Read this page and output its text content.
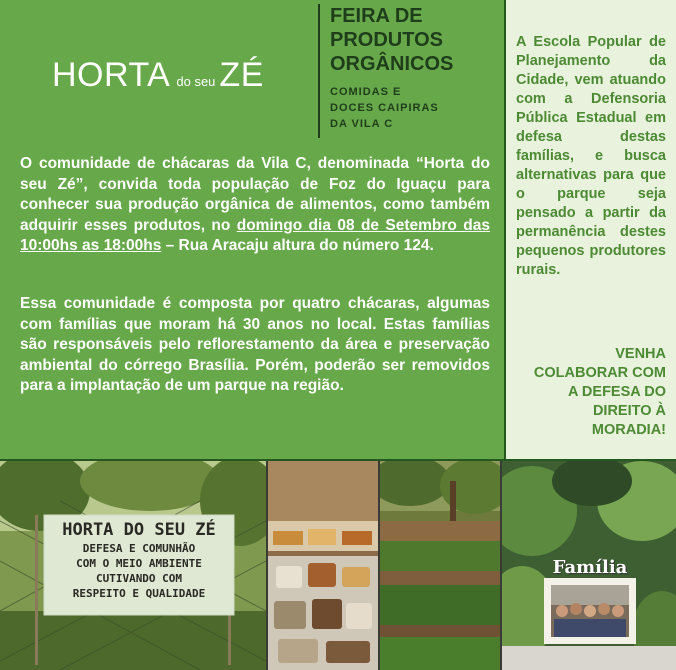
HORTA do seu ZÉ
FEIRA DE
PRODUTOS
ORGÂNICOS
COMIDAS E
DOCES CAIPIRAS
DA VILA C
O comunidade de chácaras da Vila C, denominada “Horta do seu Zé”, convida toda população de Foz do Iguaçu para conhecer sua produção orgânica de alimentos, como também adquirir esses produtos, no domingo dia 08 de Setembro das 10:00hs as 18:00hs – Rua Aracaju altura do número 124.
Essa comunidade é composta por quatro chácaras, algumas com famílias que moram há 30 anos no local. Estas famílias são responsáveis pelo reflorestamento da área e preservação ambiental do córrego Brasília. Porém, poderão ser removidos para a implantação de um parque na região.
A Escola Popular de Planejamento da Cidade, vem atuando com a Defensoria Pública Estadual em defesa destas famílias, e busca alternativas para que o parque seja pensado a partir da permanência destes pequenos produtores rurais.
VENHA
COLABORAR COM
A DEFESA DO
DIREITO À
MORADIA!
HORTA DO SEU ZÉ
DEFESA E COMUNHÃO
COM O MEIO AMBIENTE
CUTIVANDO COM
RESPEITO E QUALIDADE
Família
